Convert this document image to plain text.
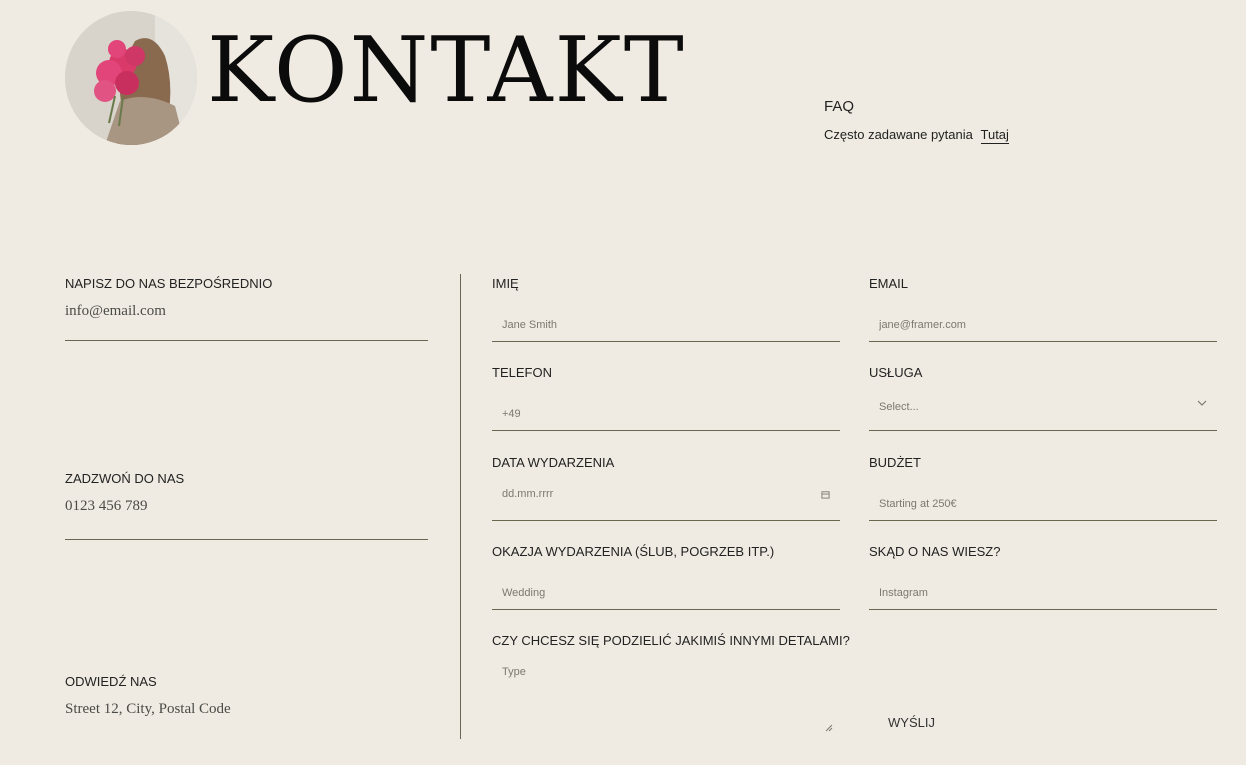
KONTAKT	FAQ
Często zadawane pytania Tutaj
NAPISZ DO NAS BEZPOŚREDNIO
info@email.com
ZADZWOŃ DO NAS
0123 456 789
ODWIEDŹ NAS
Street 12, City, Postal Code
IMIĘ
Jane Smith	EMAIL
jane@framer.com
TELEFON
+49	USŁUGA
Select...
DATA WYDARZENIA
dd.mm.rrrr
BUDŻET
Starting at 250€
OKAZJA WYDARZENIA (ŚLUB, POGRZEB ITP.)
Wedding	SKĄD O NAS WIESZ?
Instagram
CZY CHCESZ SIĘ PODZIELIĆ JAKIMIŚ INNYMI DETALAMI?
Type
WYŚLIJ
